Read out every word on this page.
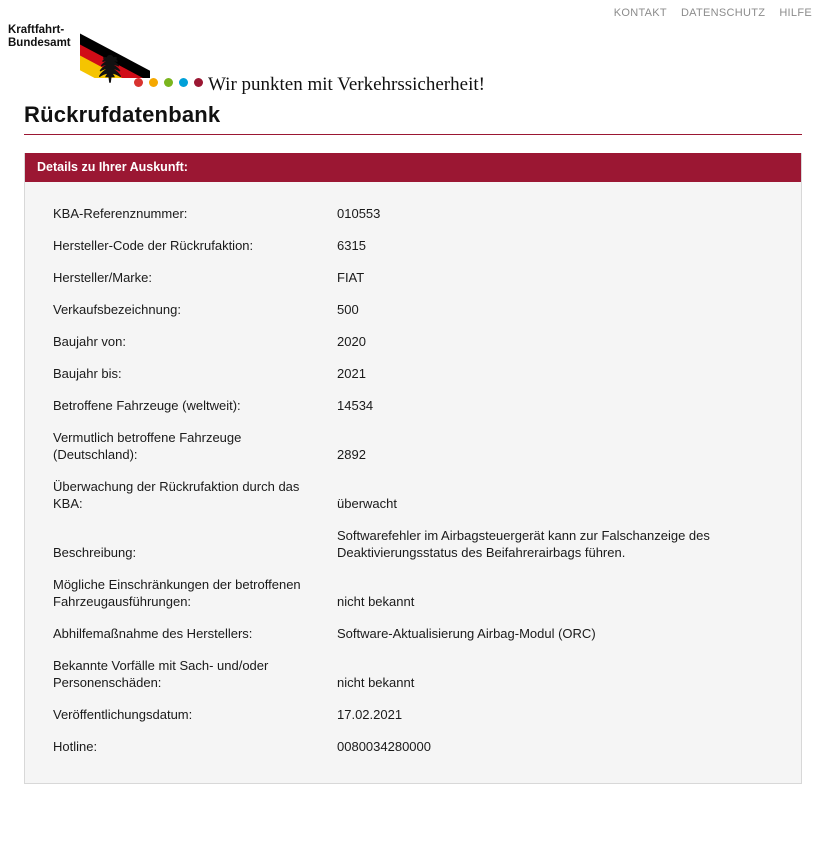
KONTAKT DATENSCHUTZ HILFE
Kraftfahrt-
Bundesamt
Wir punkten mit Verkehrssicherheit!
Rückrufdatenbank
Details zu Ihrer Auskunft:
KBA-Referenznummer:	010553
Hersteller-Code der Rückrufaktion:	6315
Hersteller/Marke:	FIAT
Verkaufsbezeichnung:	500
Baujahr von:	2020
Baujahr bis:	2021
Betroffene Fahrzeuge (weltweit):	14534
Vermutlich betroffene Fahrzeuge (Deutschland):	2892
Überwachung der Rückrufaktion durch das KBA:	überwacht
Beschreibung:	Softwarefehler im Airbagsteuergerät kann zur Falschanzeige des Deaktivierungsstatus des Beifahrerairbags führen.
Mögliche Einschränkungen der betroffenen Fahrzeugausführungen:	nicht bekannt
Abhilfemaßnahme des Herstellers:	Software-Aktualisierung Airbag-Modul (ORC)
Bekannte Vorfälle mit Sach- und/oder Personenschäden:	nicht bekannt
Veröffentlichungsdatum:	17.02.2021
Hotline:	0080034280000
